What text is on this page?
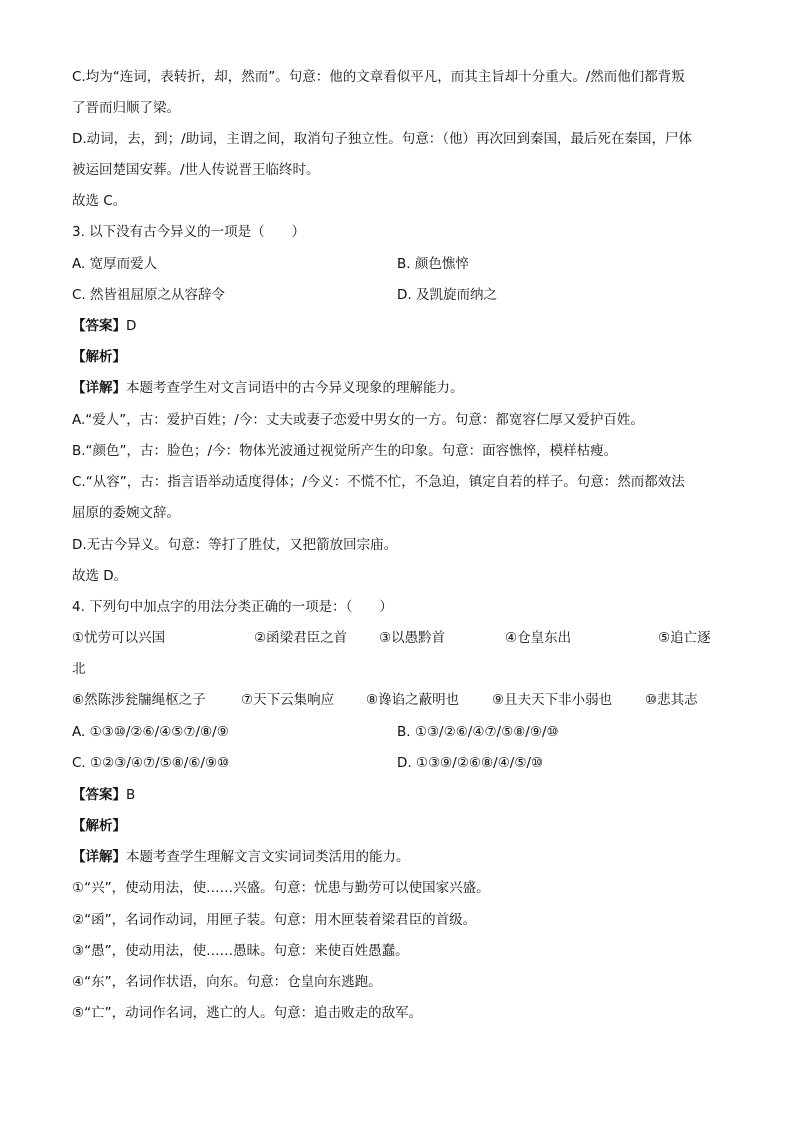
C.均为“连词，表转折，却，然而”。句意：他的文章看似平凡，而其主旨却十分重大。/然而他们都背叛
了晋而归顺了梁。
D.动词，去，到；/助词，主谓之间，取消句子独立性。句意：（他）再次回到秦国，最后死在秦国，尸体
被运回楚国安葬。/世人传说晋王临终时。
故选 C。
3. 以下没有古今异义的一项是（　　）
A. 宽厚而爱人	B. 颜色憔悴
C. 然皆祖屈原之从容辞令	D. 及凯旋而纳之
【答案】D
【解析】
【详解】本题考查学生对文言词语中的古今异义现象的理解能力。
A.“爱人”，古：爱护百姓；/今：丈夫或妻子恋爱中男女的一方。句意：都宽容仁厚又爱护百姓。
B.“颜色”，古：脸色；/今：物体光波通过视觉所产生的印象。句意：面容憔悴，模样枯瘦。
C.“从容”，古：指言语举动适度得体；/今义：不慌不忙，不急迫，镇定自若的样子。句意：然而都效法
屈原的委婉文辞。
D.无古今异义。句意：等打了胜仗，又把箭放回宗庙。
故选 D。
4. 下列句中加点字的用法分类正确的一项是：（　　）
①忧劳可以兴国	②函梁君臣之首 ③以愚黔首	④仓皇东出	⑤追亡逐
北
⑥然陈涉瓮牖绳枢之子	⑦天下云集响应 ⑧谗谄之蔽明也 ⑨且夫天下非小弱也 ⑩悲其志
A. ①③⑩/②⑥/④⑤⑦/⑧/⑨	B. ①③/②⑥/④⑦/⑤⑧/⑨/⑩
C. ①②③/④⑦/⑤⑧/⑥/⑨⑩	D. ①③⑨/②⑥⑧/④/⑤/⑩
【答案】B
【解析】
【详解】本题考查学生理解文言文实词词类活用的能力。
①“兴”，使动用法，使……兴盛。句意：忧患与勤劳可以使国家兴盛。
②“函”，名词作动词，用匣子装。句意：用木匣装着梁君臣的首级。
③“愚”，使动用法，使……愚昧。句意：来使百姓愚蠢。
④“东”，名词作状语，向东。句意：仓皇向东逃跑。
⑤“亡”，动词作名词，逃亡的人。句意：追击败走的敌军。
